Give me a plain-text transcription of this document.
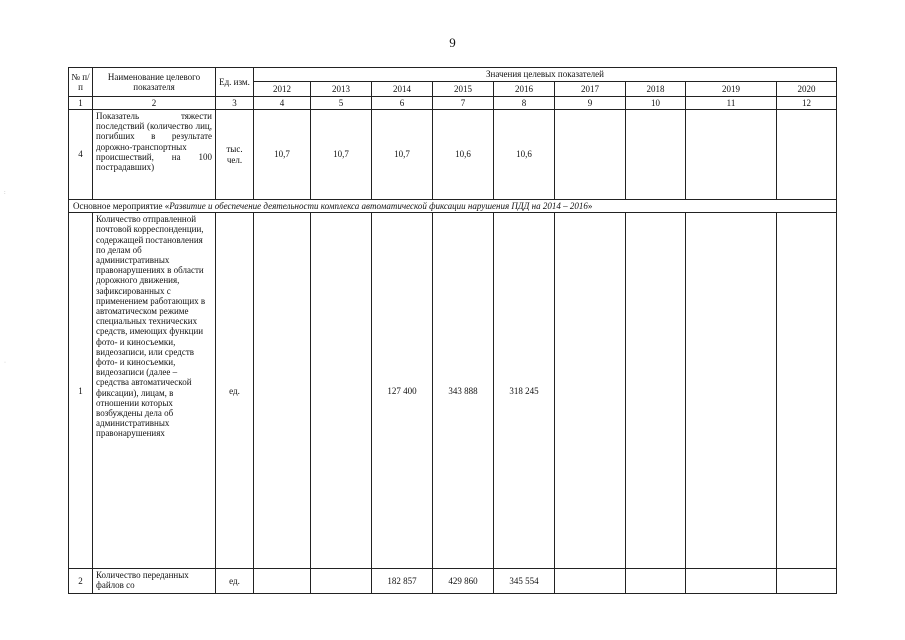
9
№ п/п	Наименование целевого показателя	Ед. изм.	Значения целевых показателей								
			2012	2013	2014	2015	2016	2017	2018	2019	2020
1	2	3	4	5	6	7	8	9	10	11	12
4	Показатель тяжести последствий (количество лиц, погибших в результате дорожно-транспортных происшествий, на 100 пострадавших)	тыс. чел.	10,7	10,7	10,7	10,6	10,6				
Основное мероприятие «Развитие и обеспечение деятельности комплекса автоматической фиксации нарушения ПДД на 2014 – 2016»											
1	Количество отправленной почтовой корреспонденции, содержащей постановления по делам об административных правонарушениях в области дорожного движения, зафиксированных с применением работающих в автоматическом режиме специальных технических средств, имеющих функции фото- и киносъемки, видеозаписи, или средств фото- и киносъемки, видеозаписи (далее – средства автоматической фиксации), лицам, в отношении которых возбуждены дела об административных правонарушениях	ед.			127 400	343 888	318 245				
2	Количество переданных файлов со	ед.			182 857	429 860	345 554				
:
·
